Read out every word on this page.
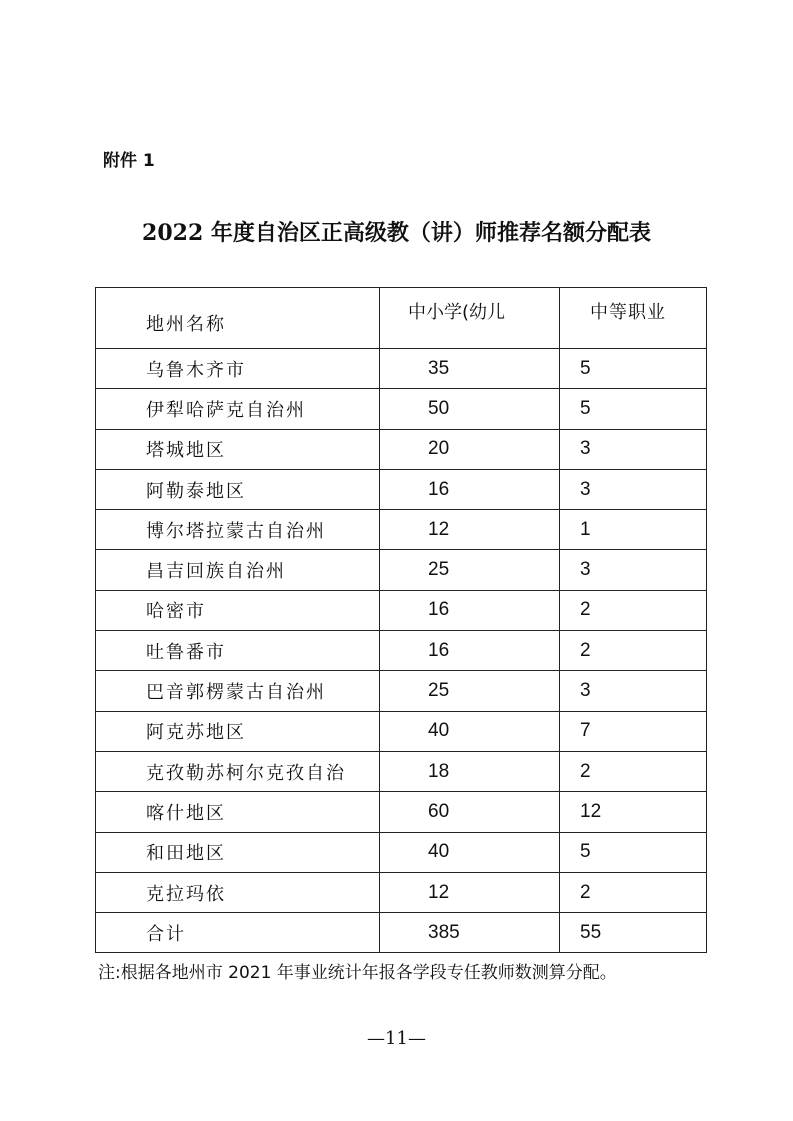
附件 1
2022 年度自治区正高级教（讲）师推荐名额分配表
地州名称	中小学(幼儿	中等职业
乌鲁木齐市	35	5
伊犁哈萨克自治州	50	5
塔城地区	20	3
阿勒泰地区	16	3
博尔塔拉蒙古自治州	12	1
昌吉回族自治州	25	3
哈密市	16	2
吐鲁番市	16	2
巴音郭楞蒙古自治州	25	3
阿克苏地区	40	7
克孜勒苏柯尔克孜自治	18	2
喀什地区	60	12
和田地区	40	5
克拉玛依	12	2
合计	385	55
注:根据各地州市 2021 年事业统计年报各学段专任教师数测算分配。
—11—
